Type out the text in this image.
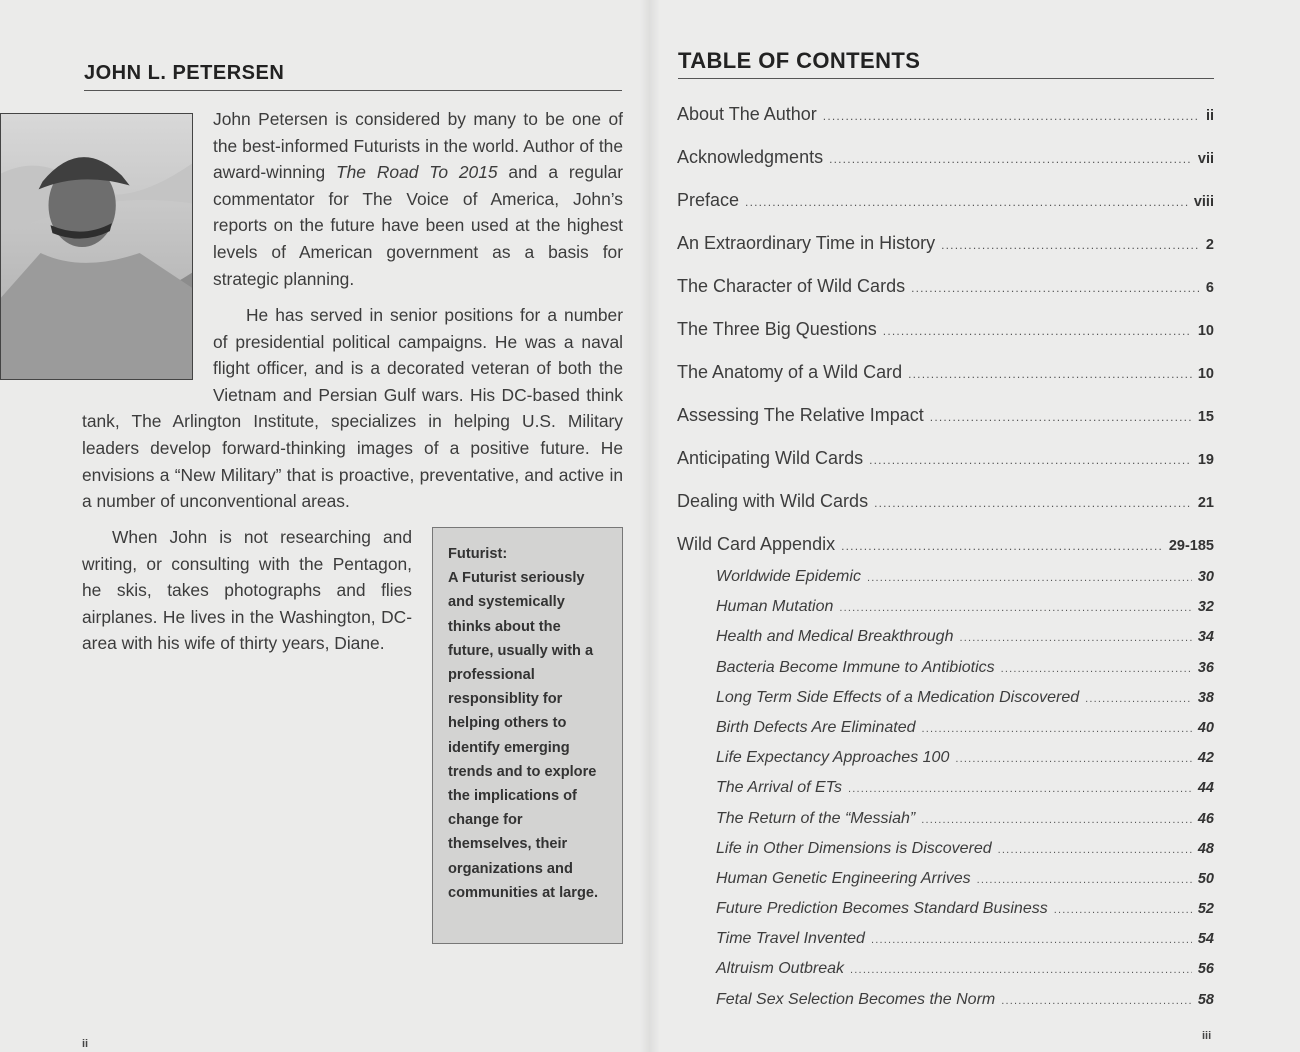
JOHN L. PETERSEN

John Petersen is considered by many to be one of the best-informed Futurists in the world. Author of the award-winning The Road To 2015 and a regular commentator for The Voice of America, John’s reports on the future have been used at the highest levels of American government as a basis for strategic planning.

He has served in senior positions for a number of presidential political campaigns. He was a naval flight officer, and is a decorated veteran of both the Vietnam and Persian Gulf wars. His DC-based think tank, The Arlington Institute, specializes in helping U.S. Military leaders develop forward-thinking images of a positive future. He envisions a “New Military” that is proactive, preventative, and active in a number of unconventional areas.

When John is not researching and writing, or consulting with the Pentagon, he skis, takes photographs and flies airplanes. He lives in the Washington, DC-area with his wife of thirty years, Diane.

Futurist:
A Futurist seriously and systemically thinks about the future, usually with a professional responsiblity for helping others to identify emerging trends and to explore the implications of change for themselves, their organizations and communities at large.
ii
TABLE OF CONTENTS
About The Author .....	ii
Acknowledgments .....	vii
Preface .....	viii
An Extraordinary Time in History .....	2
The Character of Wild Cards .....	6
The Three Big Questions .....	10
The Anatomy of a Wild Card .....	10
Assessing The Relative Impact .....	15
Anticipating Wild Cards .....	19
Dealing with Wild Cards .....	21
Wild Card Appendix .....	29-185
Worldwide Epidemic .....	30
Human Mutation .....	32
Health and Medical Breakthrough .....	34
Bacteria Become Immune to Antibiotics .....	36
Long Term Side Effects of a Medication Discovered .....	38
Birth Defects Are Eliminated .....	40
Life Expectancy Approaches 100 .....	42
The Arrival of ETs .....	44
The Return of the “Messiah” .....	46
Life in Other Dimensions is Discovered .....	48
Human Genetic Engineering Arrives .....	50
Future Prediction Becomes Standard Business .....	52
Time Travel Invented .....	54
Altruism Outbreak .....	56
Fetal Sex Selection Becomes the Norm .....	58
iii
